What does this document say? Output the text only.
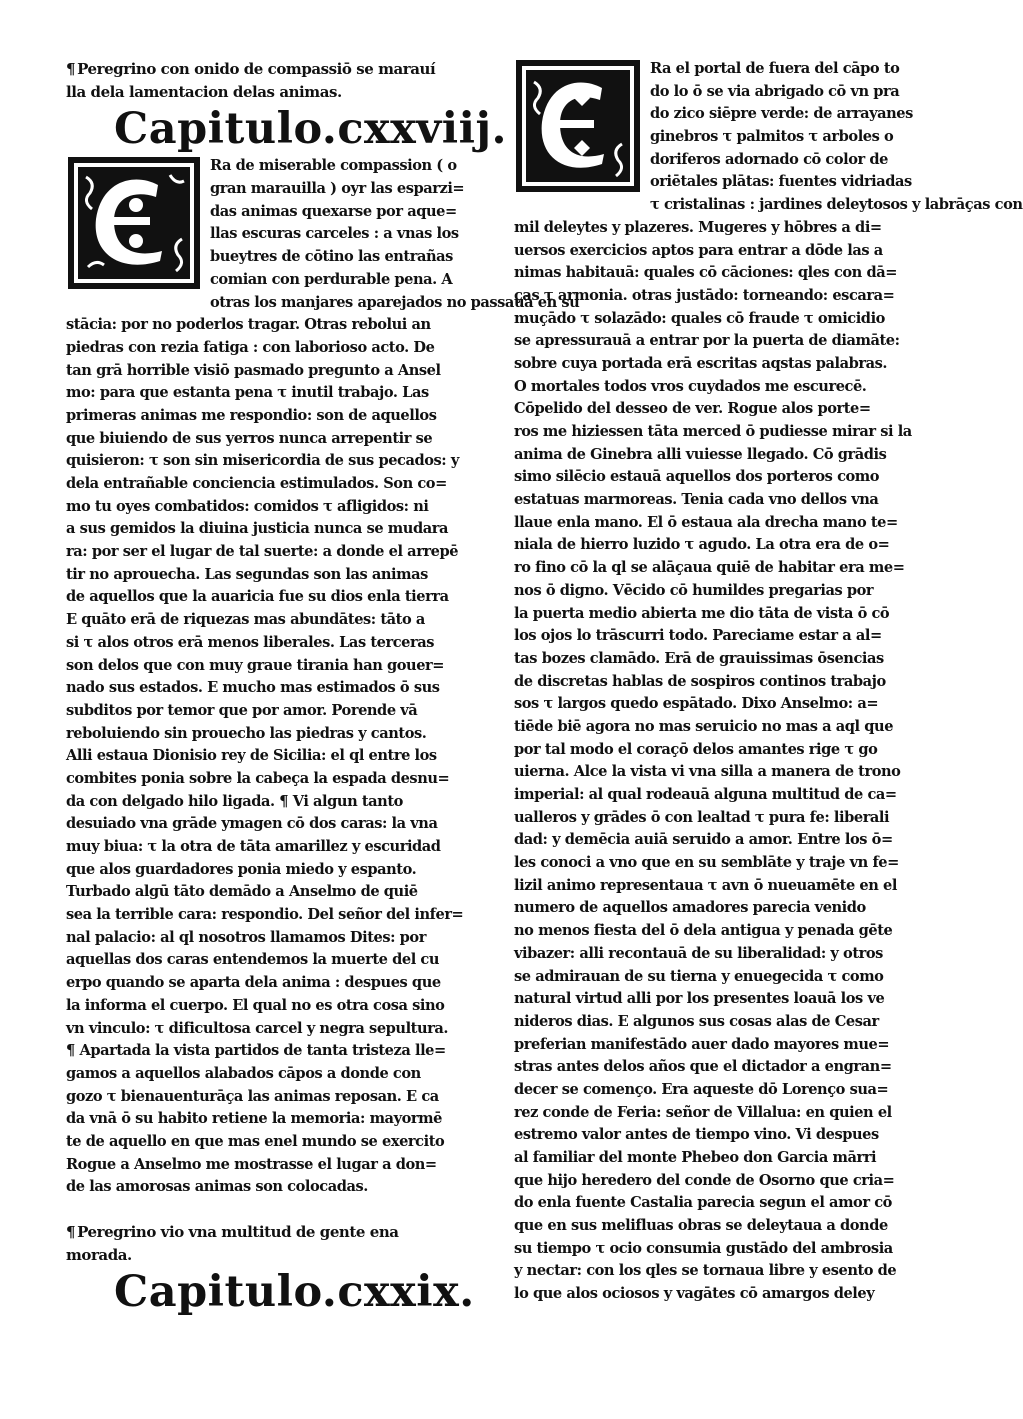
¶ Peregrino con onido de compassiō se marauí
lla dela lamentacion delas animas.
Capitulo.cxxviij.
Ra de miserable compassion ( o
gran marauilla ) oyr las esparzi=
das animas quexarse por aque=
llas escuras carceles : a vnas los
bueytres de cōtino las entrañas
comian con perdurable pena. A
otras los manjares aparejados no passauā en su
stācia: por no poderlos tragar. Otras rebolui an
piedras con rezia fatiga : con laborioso acto. De
tan grā horrible visiō pasmado pregunto a Ansel
mo: para que estanta pena τ inutil trabajo. Las
primeras animas me respondio: son de aquellos
que biuiendo de sus yerros nunca arrepentir se
quisieron: τ son sin misericordia de sus pecados: y
dela entrañable conciencia estimulados. Son co=
mo tu oyes combatidos: comidos τ afligidos: ni
a sus gemidos la diuina justicia nunca se mudara
ra: por ser el lugar de tal suerte: a donde el arrepē
tir no aprouecha. Las segundas son las animas
de aquellos que la auaricia fue su dios enla tierra
E quāto erā de riquezas mas abundātes: tāto a
si τ alos otros erā menos liberales. Las terceras
son delos que con muy graue tirania han gouer=
nado sus estados. E mucho mas estimados ō sus
subditos por temor que por amor. Porende vā
reboluiendo sin prouecho las piedras y cantos.
Alli estaua Dionisio rey de Sicilia: el ql entre los
combites ponia sobre la cabeça la espada desnu=
da con delgado hilo ligada. ¶ Vi algun tanto
desuiado vna grāde ymagen cō dos caras: la vna
muy biua: τ la otra de tāta amarillez y escuridad
que alos guardadores ponia miedo y espanto.
Turbado algū tāto demādo a Anselmo de quiē
sea la terrible cara: respondio. Del señor del infer=
nal palacio: al ql nosotros llamamos Dites: por
aquellas dos caras entendemos la muerte del cu
erpo quando se aparta dela anima : despues que
la informa el cuerpo. El qual no es otra cosa sino
vn vinculo: τ dificultosa carcel y negra sepultura.
¶ Apartada la vista partidos de tanta tristeza lle=
gamos a aquellos alabados cāpos a donde con
gozo τ bienauenturāça las animas reposan. E ca
da vnā ō su habito retiene la memoria: mayormē
te de aquello en que mas enel mundo se exercito
Rogue a Anselmo me mostrasse el lugar a don=
de las amorosas animas son colocadas.
¶ Peregrino vio vna multitud de gente ena
morada.
Capitulo.cxxix.
Ra el portal de fuera del cāpo to
do lo ō se via abrigado cō vn pra
do zico siēpre verde: de arrayanes
ginebros τ palmitos τ arboles o
doriferos adornado cō color de
oriētales plātas: fuentes vidriadas
τ cristalinas : jardines deleytosos y labrāças con
mil deleytes y plazeres. Mugeres y hōbres a di=
uersos exercicios aptos para entrar a dōde las a
nimas habitauā: quales cō cāciones: qles con dā=
ças τ armonia. otras justādo: torneando: escara=
muçādo τ solazādo: quales cō fraude τ omicidio
se apressurauā a entrar por la puerta de diamāte:
sobre cuya portada erā escritas aqstas palabras.
O mortales todos vros cuydados me escurecē.
Cōpelido del desseo de ver. Rogue alos porte=
ros me hiziessen tāta merced ō pudiesse mirar si la
anima de Ginebra alli vuiesse llegado. Cō grādis
simo silēcio estauā aquellos dos porteros como
estatuas marmoreas. Tenia cada vno dellos vna
llaue enla mano. El ō estaua ala drecha mano te=
niala de hierro luzido τ agudo. La otra era de o=
ro fino cō la ql se alāçaua quiē de habitar era me=
nos ō digno. Vēcido cō humildes pregarias por
la puerta medio abierta me dio tāta de vista ō cō
los ojos lo trāscurri todo. Pareciame estar a al=
tas bozes clamādo. Erā de grauissimas ōsencias
de discretas hablas de sospiros continos trabajo
sos τ largos quedo espātado. Dixo Anselmo: a=
tiēde biē agora no mas seruicio no mas a aql que
por tal modo el coraçō delos amantes rige τ go
uierna. Alce la vista vi vna silla a manera de trono
imperial: al qual rodeauā alguna multitud de ca=
ualleros y grādes ō con lealtad τ pura fe: liberali
dad: y demēcia auiā seruido a amor. Entre los ō=
les conoci a vno que en su semblāte y traje vn fe=
lizil animo representaua τ avn ō nueuamēte en el
numero de aquellos amadores parecia venido
no menos fiesta del ō dela antigua y penada gēte
vibazer: alli recontauā de su liberalidad: y otros
se admirauan de su tierna y enuegecida τ como
natural virtud alli por los presentes loauā los ve
nideros dias. E algunos sus cosas alas de Cesar
preferian manifestādo auer dado mayores mue=
stras antes delos años que el dictador a engran=
decer se començo. Era aqueste dō Lorenço sua=
rez conde de Feria: señor de Villalua: en quien el
estremo valor antes de tiempo vino. Vi despues
al familiar del monte Phebeo don Garcia mārri
que hijo heredero del conde de Osorno que cria=
do enla fuente Castalia parecia segun el amor cō
que en sus melifluas obras se deleytaua a donde
su tiempo τ ocio consumia gustādo del ambrosia
y nectar: con los qles se tornaua libre y esento de
lo que alos ociosos y vagātes cō amargos deley
